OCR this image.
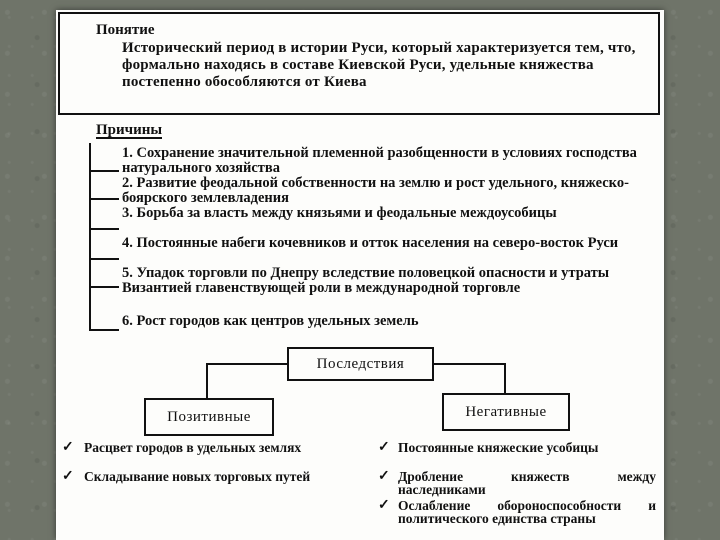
Понятие
Исторический период в истории Руси, который характеризуется тем, что, формально находясь в составе Киевской Руси, удельные княжества постепенно обособляются от Киева
Причины
1. Сохранение значительной племенной разобщенности в условиях господства натурального хозяйства
2. Развитие феодальной собственности на землю и рост удельного, княжеско-боярского землевладения
3. Борьба за власть между князьями и феодальные междоусобицы
4. Постоянные набеги кочевников и отток населения на северо-восток Руси
5. Упадок торговли по Днепру вследствие половецкой опасности и утраты Византией главенствующей роли в международной торговле
6. Рост городов как центров удельных земель
Последствия
Позитивные	Негативные
✓ Расцвет городов в удельных землях
✓ Складывание новых торговых путей
✓ Постоянные княжеские усобицы
✓ Дробление княжеств между наследниками
✓ Ослабление обороноспособности и политического единства страны
